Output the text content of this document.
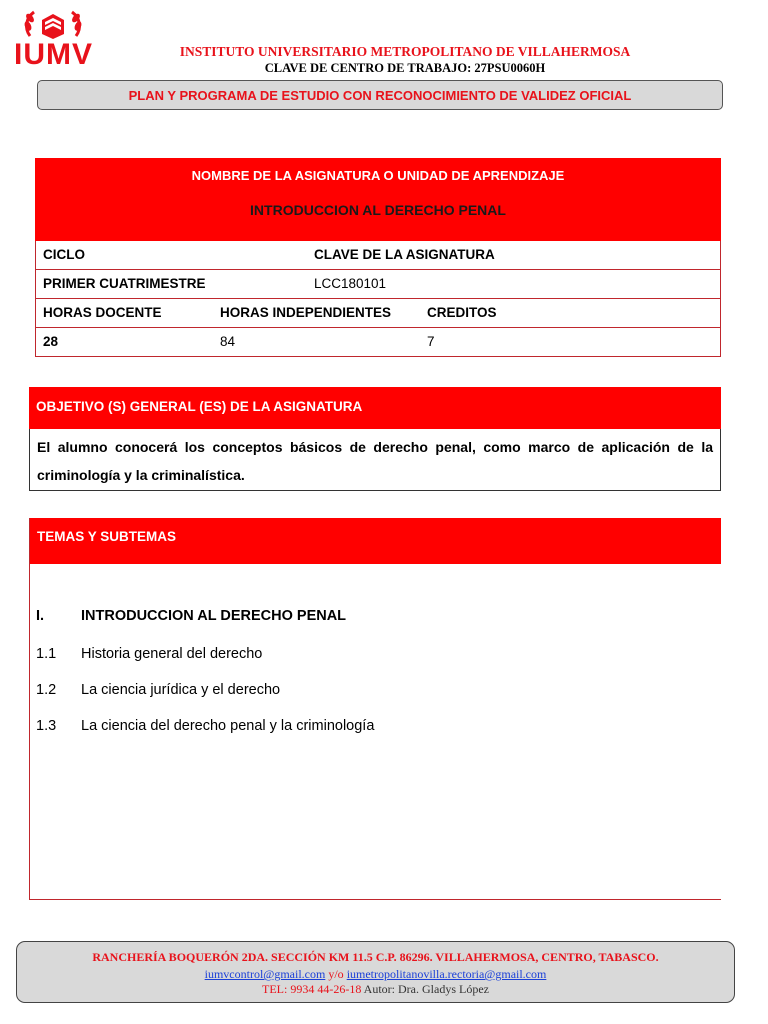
IUMV	INSTITUTO UNIVERSITARIO METROPOLITANO DE VILLAHERMOSA
CLAVE DE CENTRO DE TRABAJO: 27PSU0060H
PLAN Y PROGRAMA DE ESTUDIO CON RECONOCIMIENTO DE VALIDEZ OFICIAL
NOMBRE DE LA ASIGNATURA O UNIDAD DE APRENDIZAJE
INTRODUCCION AL DERECHO PENAL
CICLO	CLAVE DE LA ASIGNATURA
PRIMER CUATRIMESTRE	LCC180101
HORAS DOCENTE	HORAS INDEPENDIENTES	CREDITOS
28	84	7
OBJETIVO (S) GENERAL (ES) DE LA ASIGNATURA
El alumno conocerá los conceptos básicos de derecho penal, como marco de aplicación de la criminología y la criminalística.
TEMAS Y SUBTEMAS
I.	INTRODUCCION AL DERECHO PENAL
1.1 Historia general del derecho
1.2 La ciencia jurídica y el derecho
1.3 La ciencia del derecho penal y la criminología
RANCHERÍA BOQUERÓN 2DA. SECCIÓN KM 11.5 C.P. 86296. VILLAHERMOSA, CENTRO, TABASCO.
iumvcontrol@gmail.com y/o iumetropolitanovilla.rectoria@gmail.com
TEL: 9934 44-26-18 Autor: Dra. Gladys López
